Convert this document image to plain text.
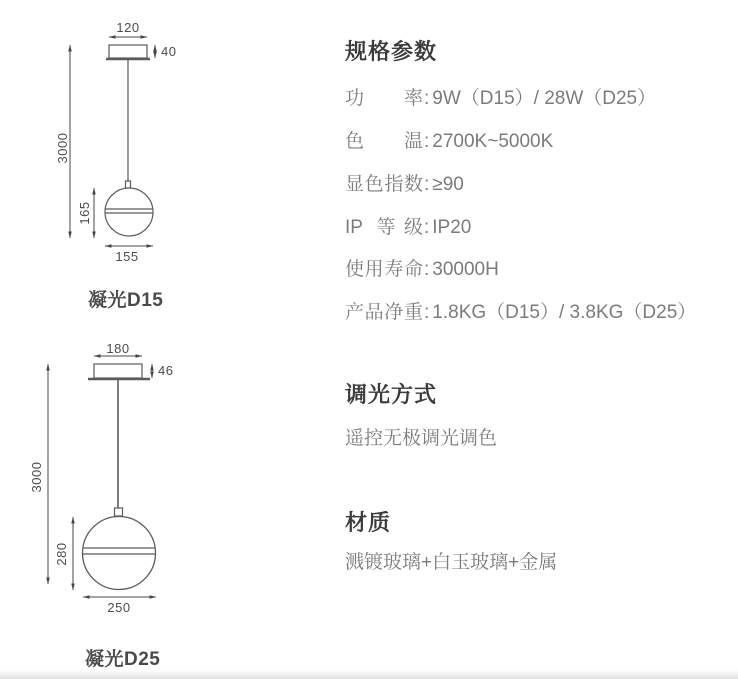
120
40
3000
165
155
凝光D15
180
46
3000
280
250
凝光D25
规格参数
功 率: 9W（D15）/ 28W（D25）
色 温: 2700K~5000K
显色指数: ≥90
IP 等级: IP20
使用寿命: 30000H
产品净重: 1.8KG（D15）/ 3.8KG（D25）
调光方式
遥控无极调光调色
材质
溅镀玻璃+白玉玻璃+金属
